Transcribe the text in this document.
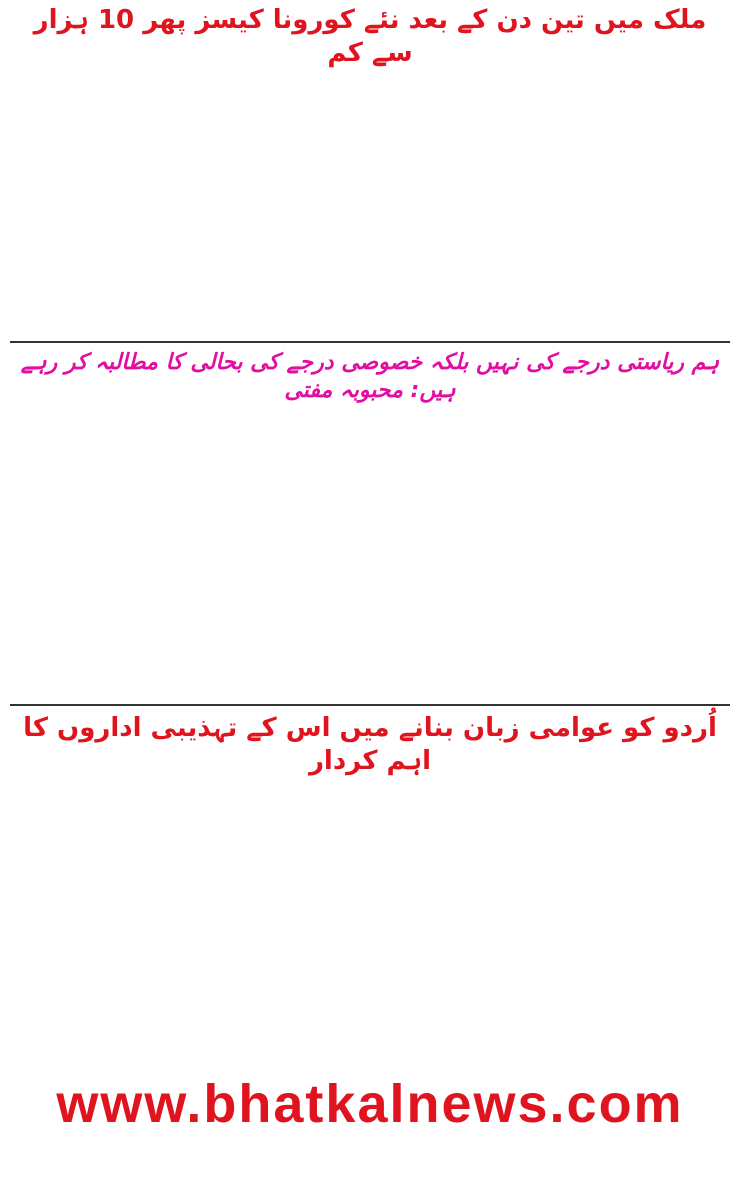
ملک میں تین دن کے بعد نئے کورونا کیسز پھر 10 ہزار سے کم
ہم ریاستی درجے کی نہیں بلکہ خصوصی درجے کی بحالی کا مطالبہ کر رہے ہیں: محبوبہ مفتی
اُردو کو عوامی زبان بنانے میں اس کے تہذیبی اداروں کا اہم کردار
www.bhatkalnews.com
